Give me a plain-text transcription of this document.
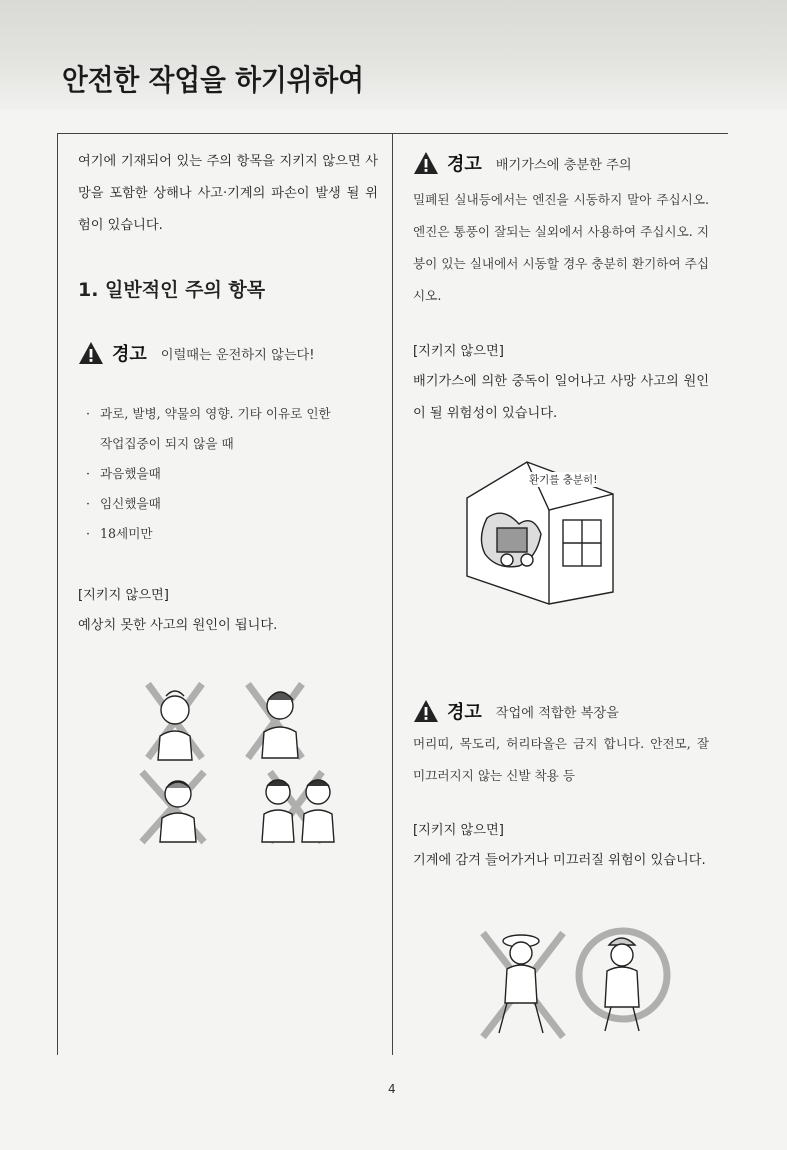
안전한 작업을 하기위하여
여기에 기재되어 있는 주의 항목을 지키지 않으면 사망을 포함한 상해나 사고·기계의 파손이 발생 될 위험이 있습니다.
1. 일반적인 주의 항목
경고 이럴때는 운전하지 않는다!
· 과로, 발병, 약물의 영향. 기타 이유로 인한
작업집중이 되지 않을 때
· 과음했을때
· 임신했을때
· 18세미만
[지키지 않으면]
예상치 못한 사고의 원인이 됩니다.
경고 배기가스에 충분한 주의
밀폐된 실내등에서는 엔진을 시동하지 말아 주십시오. 엔진은 통풍이 잘되는 실외에서 사용하여 주십시오. 지붕이 있는 실내에서 시동할 경우 충분히 환기하여 주십시오.
[지키지 않으면]
배기가스에 의한 중독이 일어나고 사망 사고의 원인이 될 위험성이 있습니다.
환기를 충분히!
경고 작업에 적합한 복장을
머리띠, 목도리, 허리타올은 금지 합니다. 안전모, 잘 미끄러지지 않는 신발 착용 등
[지키지 않으면]
기계에 감겨 들어가거나 미끄러질 위험이 있습니다.
4
